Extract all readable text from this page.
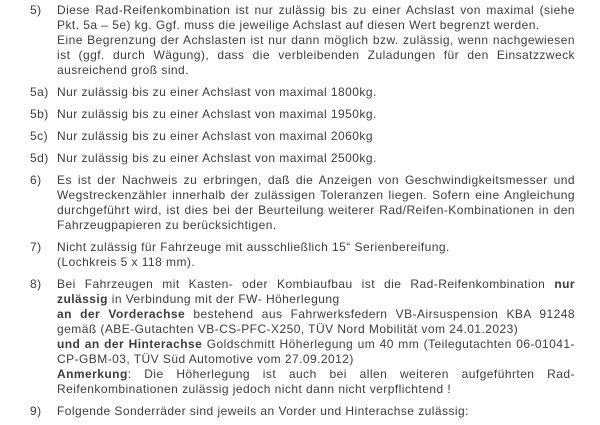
5)	Diese Rad-Reifenkombination ist nur zulässig bis zu einer Achslast von maximal (siehe Pkt. 5a – 5e) kg. Ggf. muss die jeweilige Achslast auf diesen Wert begrenzt werden.

Eine Begrenzung der Achslasten ist nur dann möglich bzw. zulässig, wenn nachgewiesen ist (ggf. durch Wägung), dass die verbleibenden Zuladungen für den Einsatzzweck ausreichend groß sind.

5a) Nur zulässig bis zu einer Achslast von maximal 1800kg.

5b) Nur zulässig bis zu einer Achslast von maximal 1950kg.

5c) Nur zulässig bis zu einer Achslast von maximal 2060kg

5d) Nur zulässig bis zu einer Achslast von maximal 2500kg.

6)	Es ist der Nachweis zu erbringen, daß die Anzeigen von Geschwindigkeitsmesser und Wegstreckenzähler innerhalb der zulässigen Toleranzen liegen. Sofern eine Angleichung durchgeführt wird, ist dies bei der Beurteilung weiterer Rad/Reifen-Kombinationen in den Fahrzeugpapieren zu berücksichtigen.

7)	Nicht zulässig für Fahrzeuge mit ausschließlich 15“ Serienbereifung.

(Lochkreis 5 x 118 mm).

8)	Bei Fahrzeugen mit Kasten- oder Kombiaufbau ist die Rad-Reifenkombination nur zulässig in Verbindung mit der FW- Höherlegung

an der Vorderachse bestehend aus Fahrwerksfedern VB-Airsuspension KBA 91248 gemäß (ABE-Gutachten VB-CS-PFC-X250, TÜV Nord Mobilität vom 24.01.2023)

und an der Hinterachse Goldschmitt Höherlegung um 40 mm (Teilegutachten 06-01041-CP-GBM-03, TÜV Süd Automotive vom 27.09.2012)

Anmerkung: Die Höherlegung ist auch bei allen weiteren aufgeführten Rad-Reifenkombinationen zulässig jedoch nicht dann nicht verpflichtend !

9)	Folgende Sonderräder sind jeweils an Vorder und Hinterachse zulässig:
